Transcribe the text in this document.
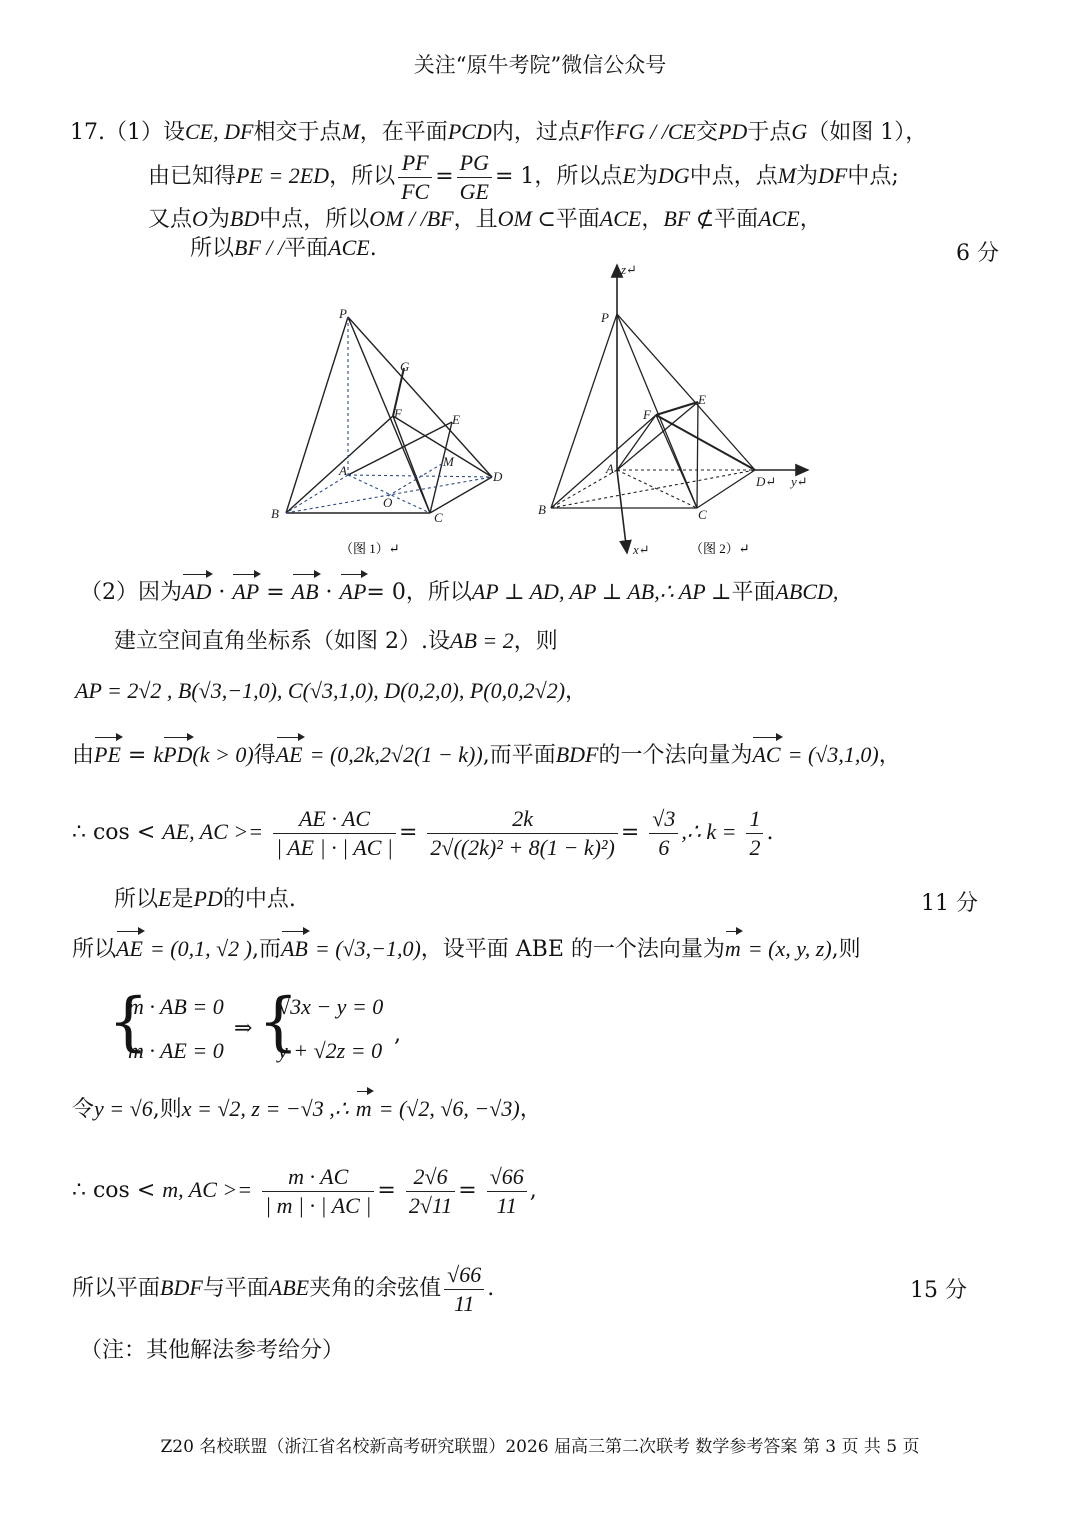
关注“原牛考院”微信公众号
17.（1）设CE, DF相交于点M，在平面PCD内，过点F作FG / /CE交PD于点G（如图 1），
由已知得PE = 2ED，所以 $\frac{PF}{FC} = \frac{PG}{GE} = 1$，所以点E为DG中点，点M为DF中点;
又点O为BD中点，所以OM / /BF，且OM ⊂平面ACE，BF ⊄平面ACE，
所以BF / /平面ACE.	6 分
P
G
F	E
A
M
D
O
B	C
（图 1）↵
z↵
P
E
F
A
D↵ y↵
B	C
x↵	（图 2）↵
（2）因为AD · AP = AB · AP= 0，所以AP ⊥ AD, AP ⊥ AB,∴ AP ⊥平面ABCD,
建立空间直角坐标系（如图 2）.设AB = 2，则
AP = 2√2 , B(√3,−1,0), C(√3,1,0), D(0,2,0), P(0,0,2√2)，
由PE = kPD(k > 0)得AE = (0,2k,2√2(1 − k)),而平面BDF的一个法向量为AC = (√3,1,0)，
∴ cos < AE, AC >= $\frac{AE \cdot AC}{| AE | \cdot | AC |} = \frac{2k}{\text{2√((2k)² + 8(1 − k)²)}} = \frac{√3}{6}$ ,∴ $k = \frac{1}{2}$ .
所以E是PD的中点.	11 分
所以AE = (0,1, √2 ),而AB = (√3,−1,0)，设平面 ABE 的一个法向量为m = (x, y, z),则
{
m · AB = 0
m · AE = 0
⇒ {
√3x − y = 0
y + √2z = 0
,
令y = √6,则x = √2, z = −√3 ,∴ m = (√2, √6, −√3)，
∴ cos < m, AC >= $\frac{m \cdot AC}{| m | \cdot | AC |} = \frac{2√6}{2√11} = \frac{√66}{11}$ ,
所以平面BDF与平面ABE夹角的余弦值 $\frac{√66}{11}$ .	15 分
（注：其他解法参考给分）
Z20 名校联盟（浙江省名校新高考研究联盟）2026 届高三第二次联考 数学参考答案 第 3 页 共 5 页
